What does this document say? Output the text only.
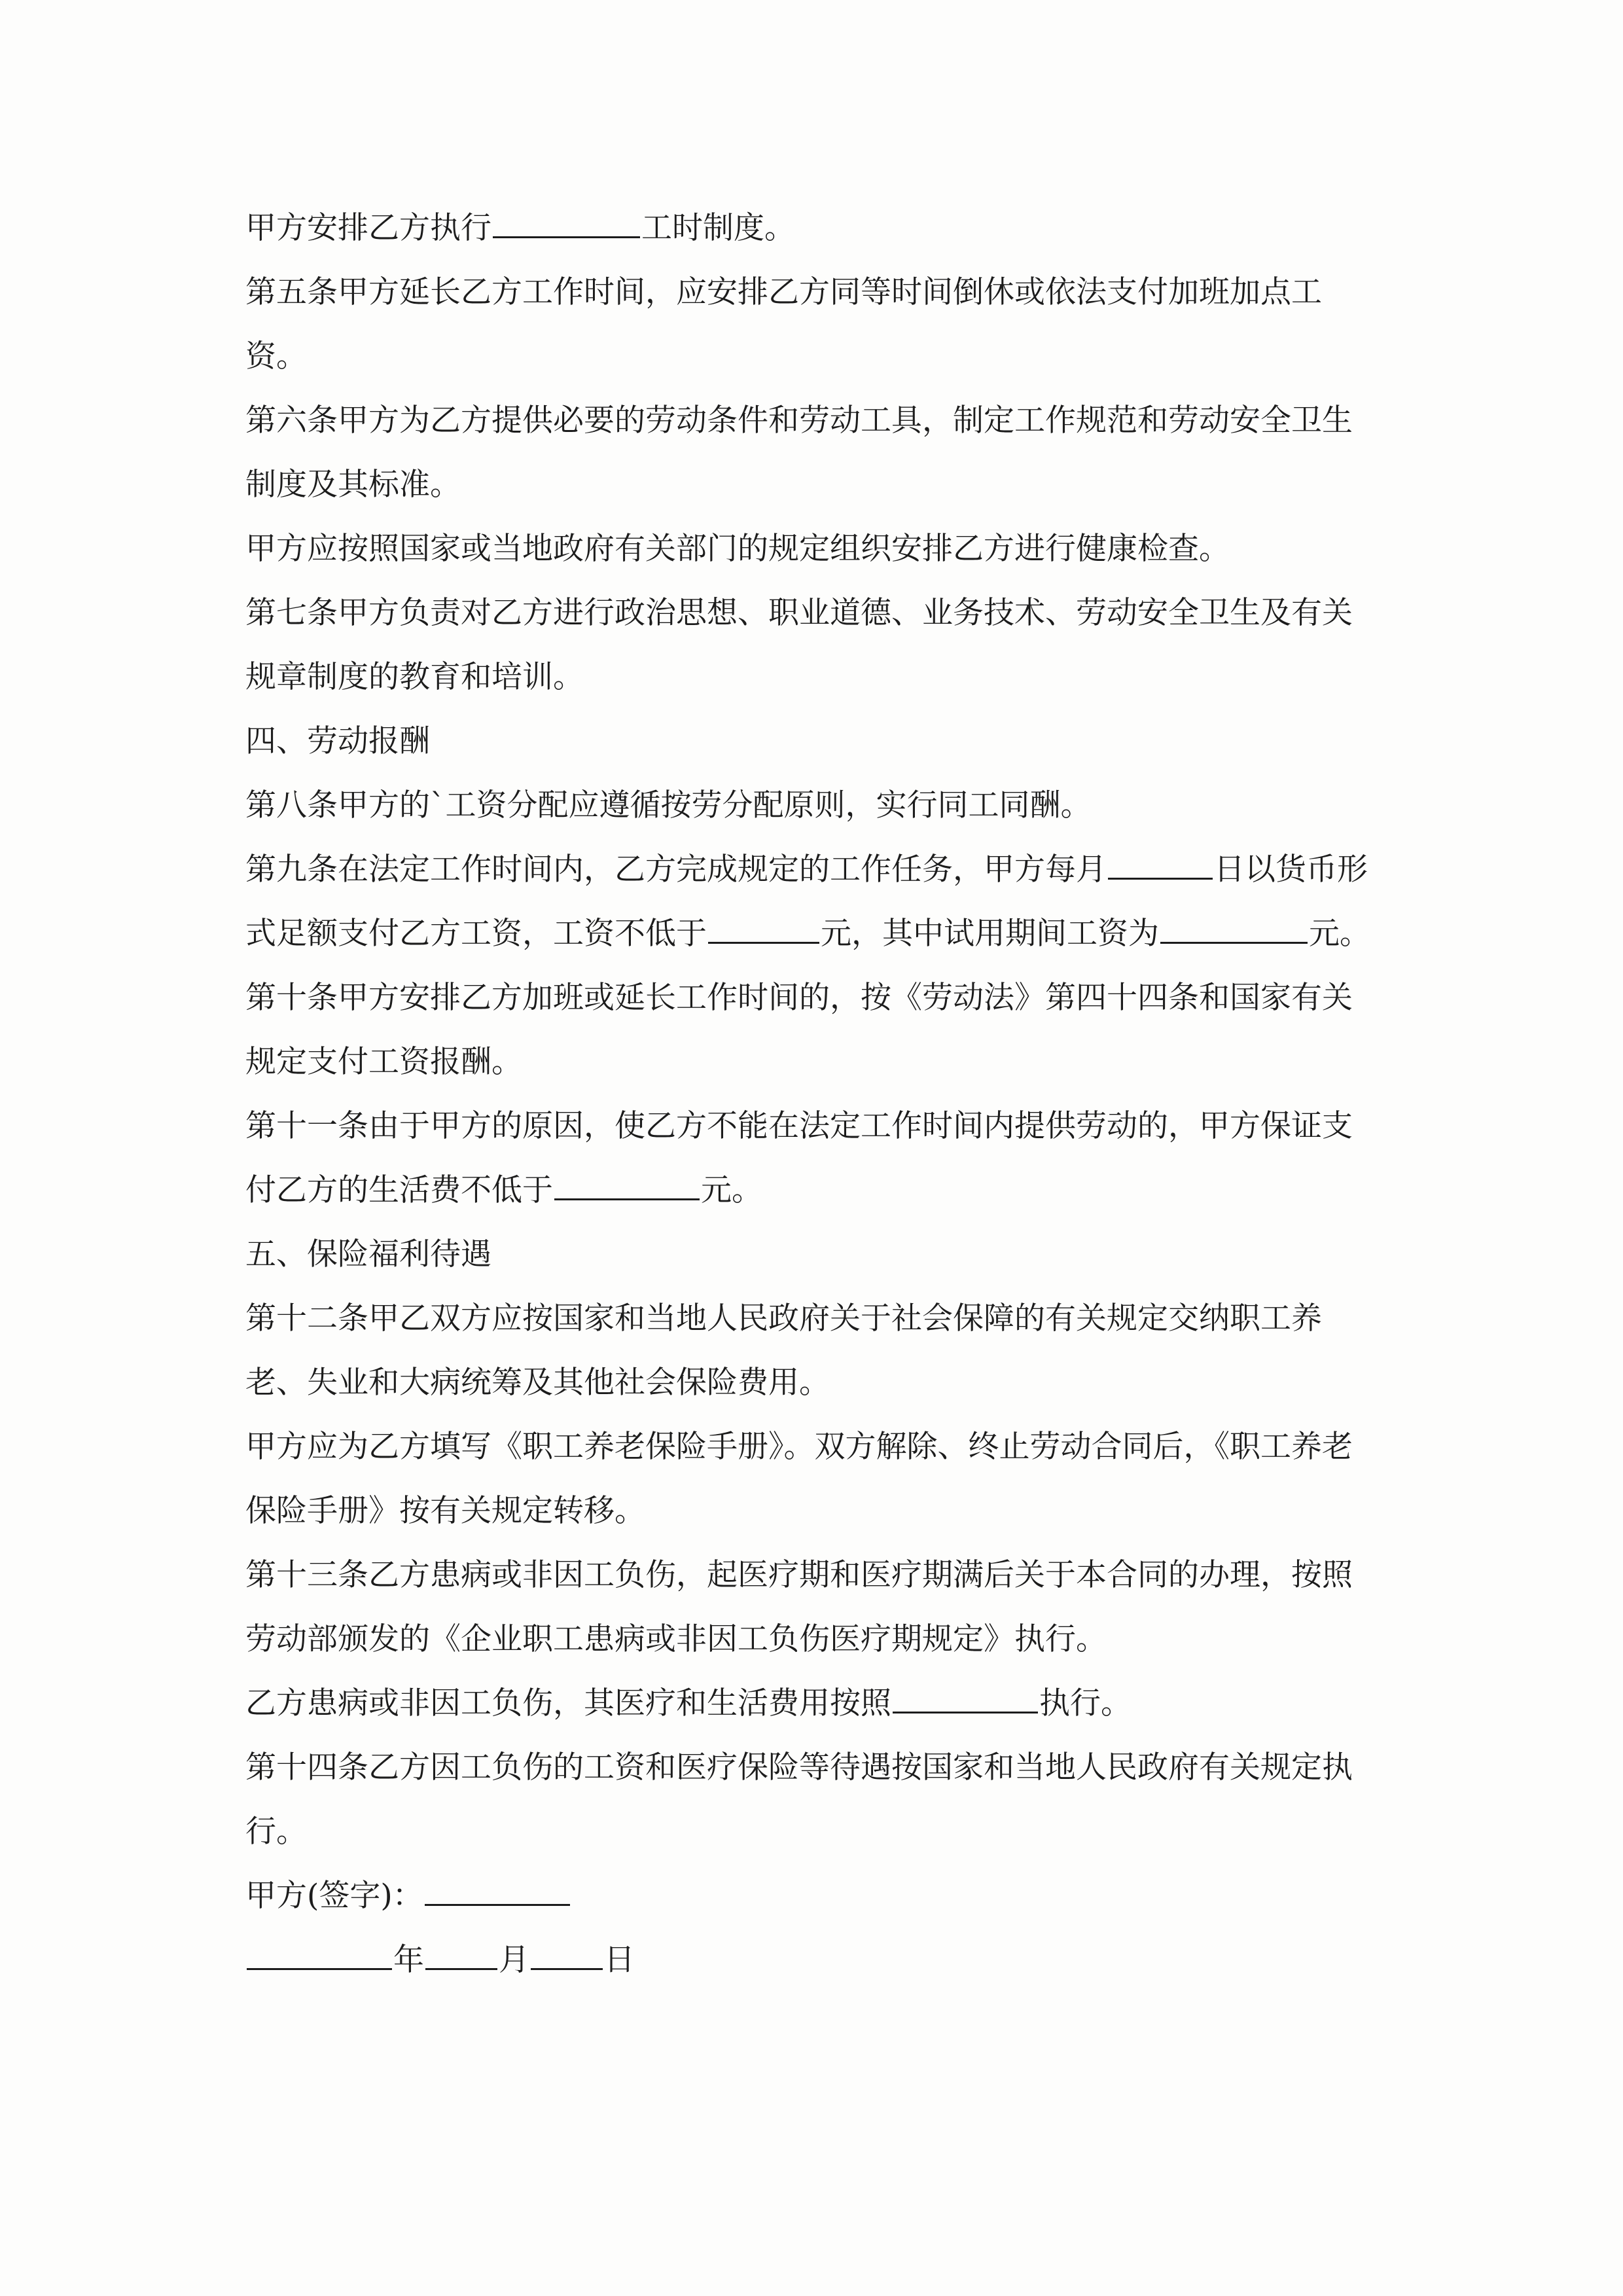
甲方安排乙方执行	工时制度。

第五条甲方延长乙方工作时间，应安排乙方同等时间倒休或依法支付加班加点工资。

第六条甲方为乙方提供必要的劳动条件和劳动工具，制定工作规范和劳动安全卫生制度及其标准。

甲方应按照国家或当地政府有关部门的规定组织安排乙方进行健康检查。

第七条甲方负责对乙方进行政治思想、职业道德、业务技术、劳动安全卫生及有关规章制度的教育和培训。

四、劳动报酬

第八条甲方的`工资分配应遵循按劳分配原则，实行同工同酬。

第九条在法定工作时间内，乙方完成规定的工作任务，甲方每月	日以货币形式足额支付乙方工资，工资不低于	元，其中试用期间工资为	元。

第十条甲方安排乙方加班或延长工作时间的，按《劳动法》第四十四条和国家有关规定支付工资报酬。

第十一条由于甲方的原因，使乙方不能在法定工作时间内提供劳动的，甲方保证支付乙方的生活费不低于	元。

五、保险福利待遇

第十二条甲乙双方应按国家和当地人民政府关于社会保障的有关规定交纳职工养老、失业和大病统筹及其他社会保险费用。

甲方应为乙方填写《职工养老保险手册》。双方解除、终止劳动合同后，《职工养老保险手册》按有关规定转移。

第十三条乙方患病或非因工负伤，起医疗期和医疗期满后关于本合同的办理，按照劳动部颁发的《企业职工患病或非因工负伤医疗期规定》执行。

乙方患病或非因工负伤，其医疗和生活费用按照	执行。

第十四条乙方因工负伤的工资和医疗保险等待遇按国家和当地人民政府有关规定执行。

甲方(签字)：

年 月 日
